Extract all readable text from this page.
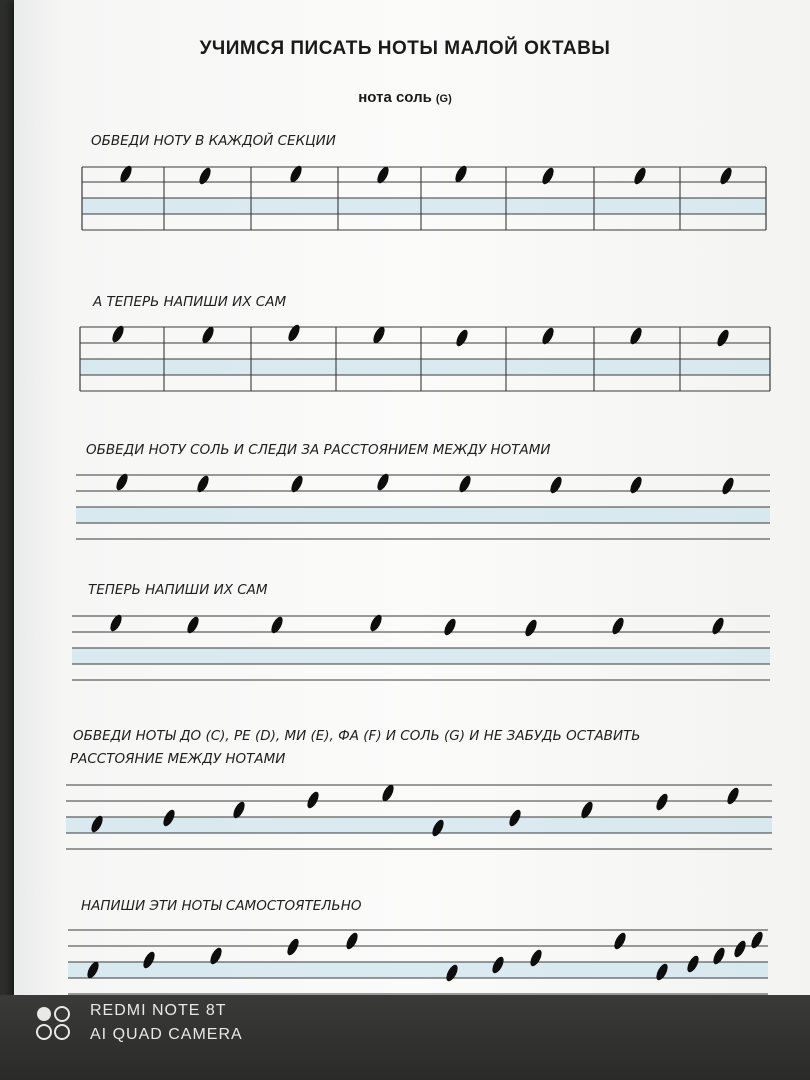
УЧИМСЯ ПИСАТЬ НОТЫ МАЛОЙ ОКТАВЫ
нота соль (G)
ОБВЕДИ НОТУ В КАЖДОЙ СЕКЦИИ
А ТЕПЕРЬ НАПИШИ ИХ САМ
ОБВЕДИ НОТУ СОЛЬ И СЛЕДИ ЗА РАССТОЯНИЕМ МЕЖДУ НОТАМИ
ТЕПЕРЬ НАПИШИ ИХ САМ
ОБВЕДИ НОТЫ ДО (C), РЕ (D), МИ (E), ФА (F) И СОЛЬ (G) И НЕ ЗАБУДЬ ОСТАВИТЬ
РАССТОЯНИЕ МЕЖДУ НОТАМИ
НАПИШИ ЭТИ НОТЫ САМОСТОЯТЕЛЬНО
REDMI NOTE 8T
AI QUAD CAMERA
